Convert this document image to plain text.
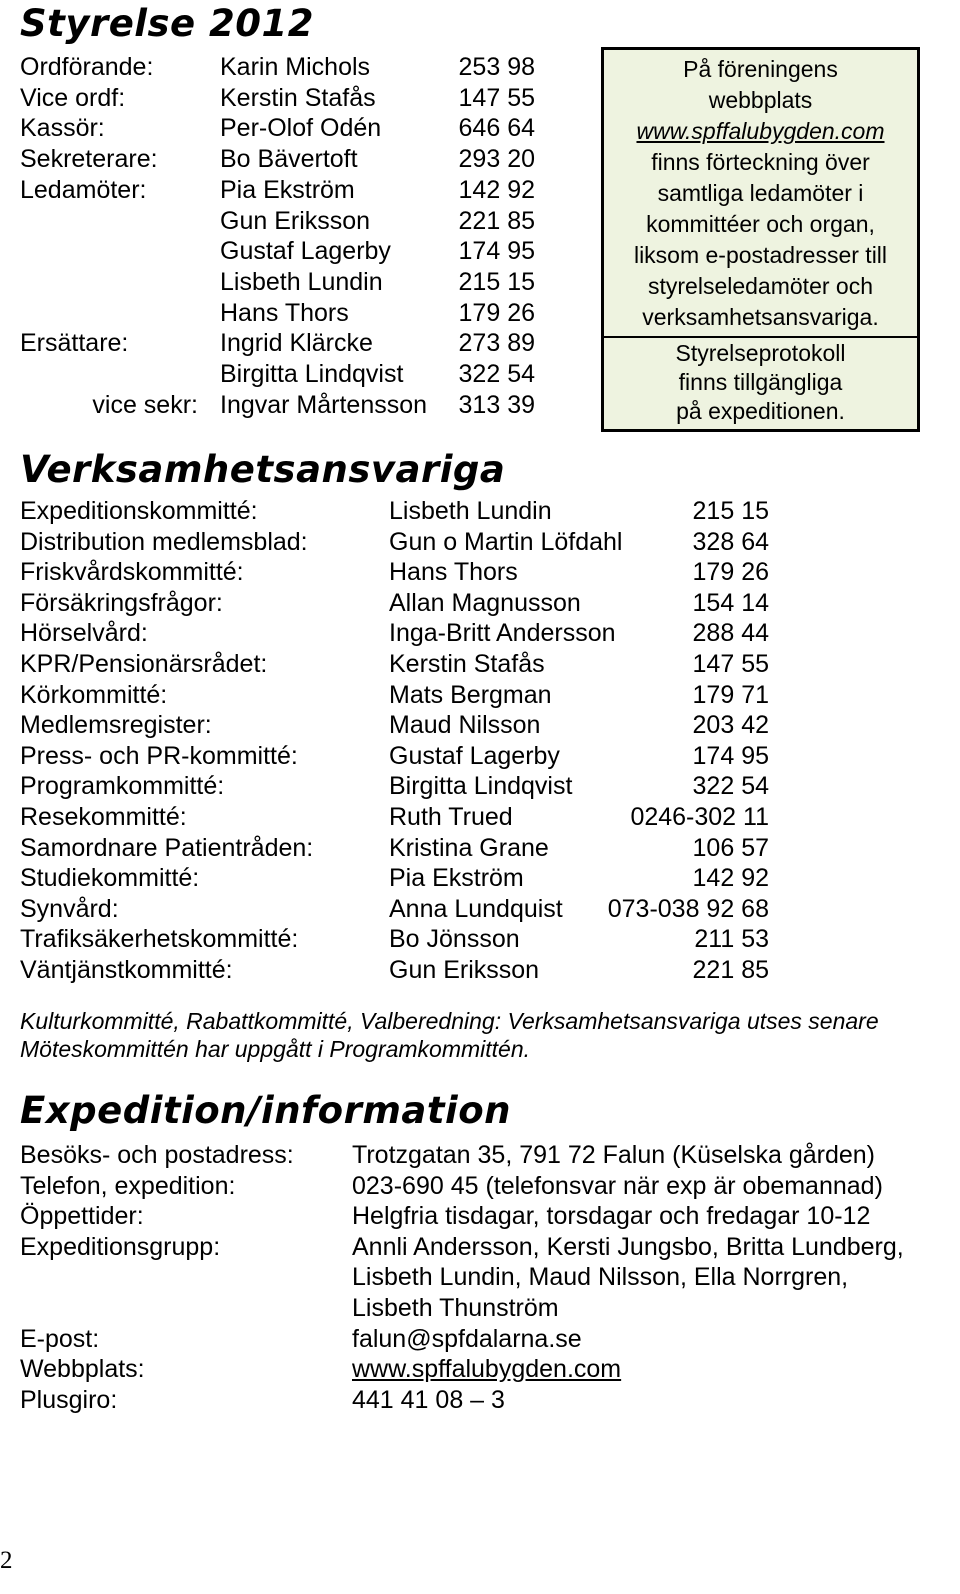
Styrelse 2012
Ordförande:	Karin Michols	253 98
Vice ordf:	Kerstin Stafås	147 55
Kassör:	Per-Olof Odén	646 64
Sekreterare: Bo Bävertoft	293 20
Ledamöter:	Pia Ekström	142 92
Gun Eriksson	221 85
Gustaf Lagerby	174 95
Lisbeth Lundin	215 15
Hans Thors	179 26
Ersättare:	Ingrid Klärcke	273 89
Birgitta Lindqvist 322 54
vice sekr: Ingvar Mårtensson 313 39
På föreningens
webbplats
www.spffalubygden.com
finns förteckning över
samtliga ledamöter i
kommittéer och organ,
liksom e-postadresser till
styrelseledamöter och
verksamhetsansvariga.
Styrelseprotokoll
finns tillgängliga
på expeditionen.
Verksamhetsansvariga
Expeditionskommitté:	Lisbeth Lundin	215 15
Distribution medlemsblad:	Gun o Martin Löfdahl	328 64
Friskvårdskommitté:	Hans Thors	179 26
Försäkringsfrågor:	Allan Magnusson	154 14
Hörselvård:	Inga-Britt Andersson	288 44
KPR/Pensionärsrådet:	Kerstin Stafås	147 55
Körkommitté:	Mats Bergman	179 71
Medlemsregister:	Maud Nilsson	203 42
Press- och PR-kommitté:	Gustaf Lagerby	174 95
Programkommitté:	Birgitta Lindqvist	322 54
Resekommitté:	Ruth Trued	0246-302 11
Samordnare Patientråden:	Kristina Grane	106 57
Studiekommitté:	Pia Ekström	142 92
Synvård:	Anna Lundquist 073-038 92 68
Trafiksäkerhetskommitté:	Bo Jönsson	211 53
Väntjänstkommitté:	Gun Eriksson	221 85
Kulturkommitté, Rabattkommitté, Valberedning: Verksamhetsansvariga utses senare
Möteskommittén har uppgått i Programkommittén.
Expedition/information
Besöks- och postadress: Trotzgatan 35, 791 72 Falun (Küselska gården)
Telefon, expedition:	023-690 45 (telefonsvar när exp är obemannad)
Öppettider:	Helgfria tisdagar, torsdagar och fredagar 10-12
Expeditionsgrupp:	Annli Andersson, Kersti Jungsbo, Britta Lundberg,
Lisbeth Lundin, Maud Nilsson, Ella Norrgren,
Lisbeth Thunström
E-post:	falun@spfdalarna.se
Webbplats:	www.spffalubygden.com
Plusgiro:	441 41 08 – 3
2
